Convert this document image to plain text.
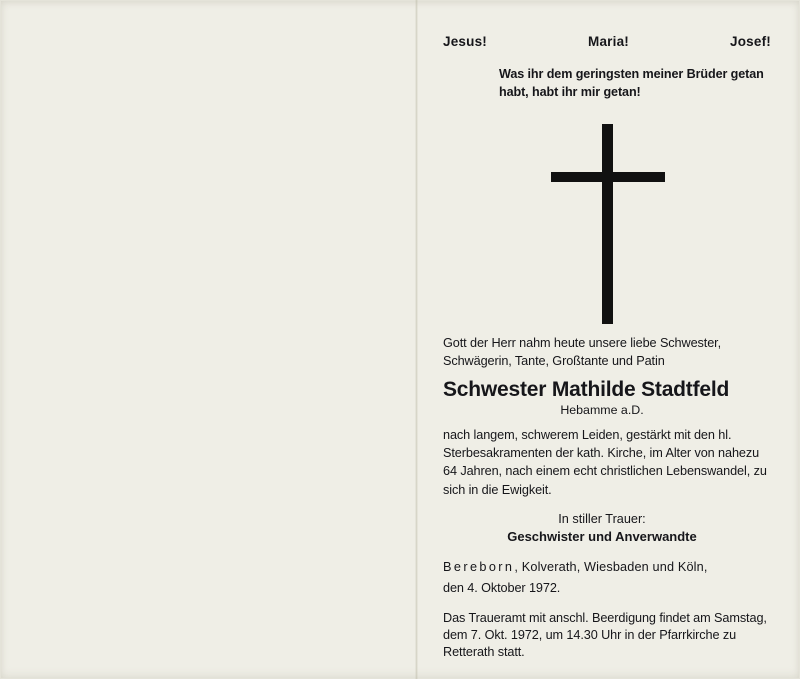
Jesus!	Maria!	Josef!

Was ihr dem geringsten meiner Brüder getan habt, habt ihr mir getan!

Gott der Herr nahm heute unsere liebe Schwester, Schwägerin, Tante, Großtante und Patin

Schwester Mathilde Stadtfeld
Hebamme a.D.

nach langem, schwerem Leiden, gestärkt mit den hl. Sterbesakramenten der kath. Kirche, im Alter von nahezu 64 Jahren, nach einem echt christlichen Lebenswandel, zu sich in die Ewigkeit.

In stiller Trauer:
Geschwister und Anverwandte

Bereborn, Kolverath, Wiesbaden und Köln,

den 4. Oktober 1972.

Das Traueramt mit anschl. Beerdigung findet am Samstag, dem 7. Okt. 1972, um 14.30 Uhr in der Pfarrkirche zu Retterath statt.
